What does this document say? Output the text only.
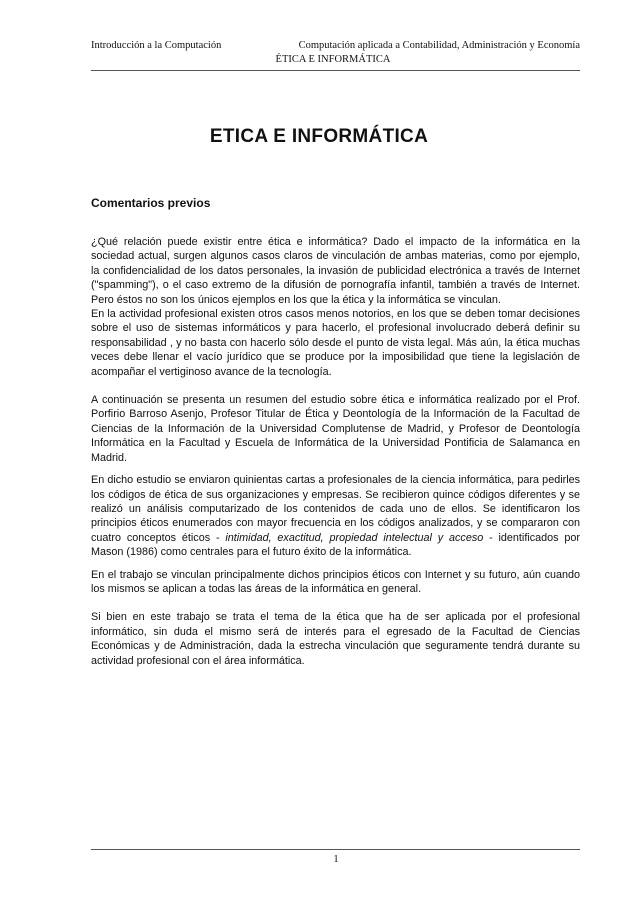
Introducción a la Computación	Computación aplicada a Contabilidad, Administración y Economía
ÉTICA E INFORMÁTICA
ETICA E INFORMÁTICA
Comentarios previos

¿Qué relación puede existir entre ética e informática? Dado el impacto de la informática en la sociedad actual, surgen algunos casos claros de vinculación de ambas materias, como por ejemplo, la confidencialidad de los datos personales, la invasión de publicidad electrónica a través de Internet ("spamming"), o el caso extremo de la difusión de pornografía infantil, también a través de Internet. Pero éstos no son los únicos ejemplos en los que la ética y la informática se vinculan.

En la actividad profesional existen otros casos menos notorios, en los que se deben tomar decisiones sobre el uso de sistemas informáticos y para hacerlo, el profesional involucrado deberá definir su responsabilidad , y no basta con hacerlo sólo desde el punto de vista legal. Más aún, la ética muchas veces debe llenar el vacío jurídico que se produce por la imposibilidad que tiene la legislación de acompañar el vertiginoso avance de la tecnología.

A continuación se presenta un resumen del estudio sobre ética e informática realizado por el Prof. Porfirio Barroso Asenjo, Profesor Titular de Ética y Deontología de la Información de la Facultad de Ciencias de la Información de la Universidad Complutense de Madrid, y Profesor de Deontología Informática en la Facultad y Escuela de Informática de la Universidad Pontificia de Salamanca en Madrid.

En dicho estudio se enviaron quinientas cartas a profesionales de la ciencia informática, para pedirles los códigos de ética de sus organizaciones y empresas. Se recibieron quince códigos diferentes y se realizó un análisis computarizado de los contenidos de cada uno de ellos. Se identificaron los principios éticos enumerados con mayor frecuencia en los códigos analizados, y se compararon con cuatro conceptos éticos - intimidad, exactitud, propiedad intelectual y acceso - identificados por Mason (1986) como centrales para el futuro éxito de la informática.

En el trabajo se vinculan principalmente dichos principios éticos con Internet y su futuro, aún cuando los mismos se aplican a todas las áreas de la informática en general.

Si bien en este trabajo se trata el tema de la ética que ha de ser aplicada por el profesional informático, sin duda el mismo será de interés para el egresado de la Facultad de Ciencias Económicas y de Administración, dada la estrecha vinculación que seguramente tendrá durante su actividad profesional con el área informática.

1
